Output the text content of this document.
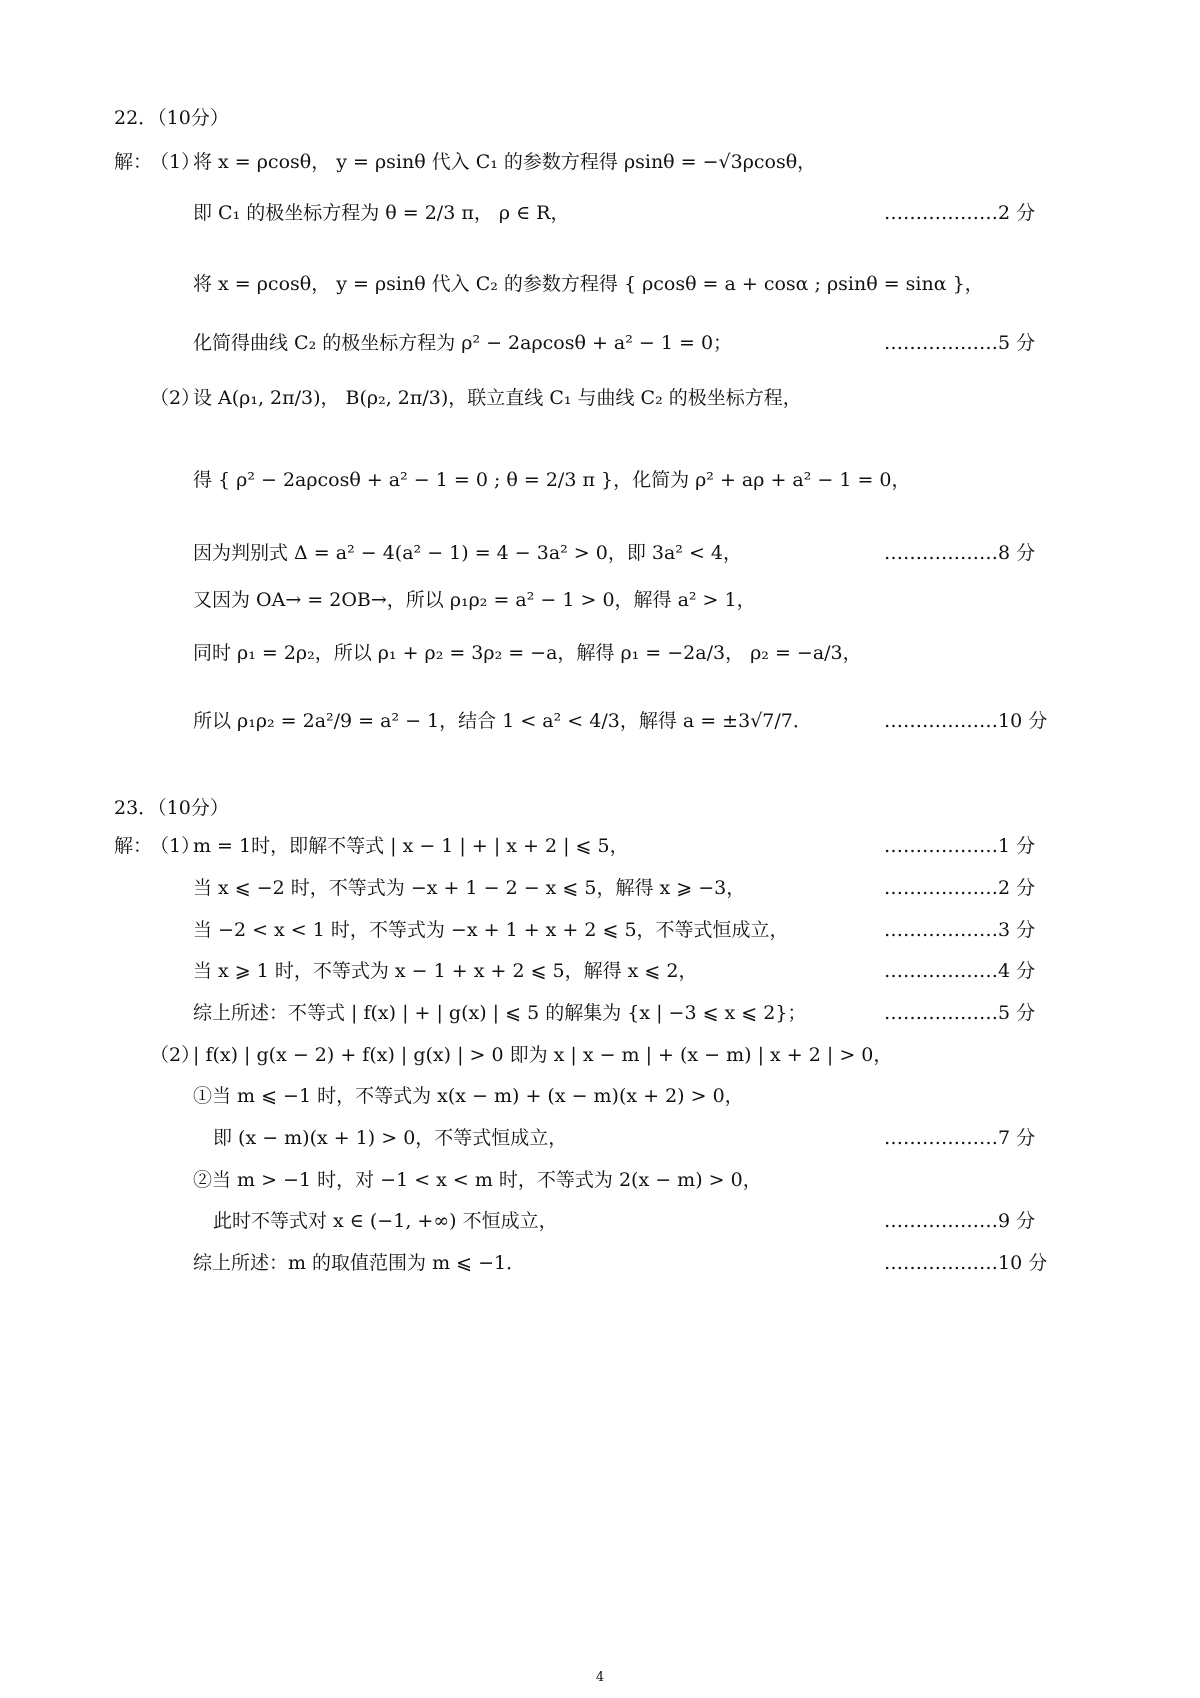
22．（10分）
解：
（1）
将 x = ρcosθ， y = ρsinθ 代入 C₁ 的参数方程得 ρsinθ = −√3ρcosθ，
即 C₁ 的极坐标方程为 θ = 2/3 π， ρ ∈ R，	………………2 分
将 x = ρcosθ， y = ρsinθ 代入 C₂ 的参数方程得 { ρcosθ = a + cosα ; ρsinθ = sinα }，
化简得曲线 C₂ 的极坐标方程为 ρ² − 2aρcosθ + a² − 1 = 0；	………………5 分
（2）
设 A(ρ₁, 2π/3)， B(ρ₂, 2π/3)，联立直线 C₁ 与曲线 C₂ 的极坐标方程，
得 { ρ² − 2aρcosθ + a² − 1 = 0 ; θ = 2/3 π }，化简为 ρ² + aρ + a² − 1 = 0，
因为判别式 Δ = a² − 4(a² − 1) = 4 − 3a² > 0，即 3a² < 4，	………………8 分
又因为 OA→ = 2OB→，所以 ρ₁ρ₂ = a² − 1 > 0，解得 a² > 1，
同时 ρ₁ = 2ρ₂，所以 ρ₁ + ρ₂ = 3ρ₂ = −a，解得 ρ₁ = −2a/3， ρ₂ = −a/3，
所以 ρ₁ρ₂ = 2a²/9 = a² − 1，结合 1 < a² < 4/3，解得 a = ±3√7/7．	………………10 分
23．（10分）
解：
（1）
m = 1时，即解不等式 | x − 1 | + | x + 2 | ⩽ 5，	………………1 分
当 x ⩽ −2 时，不等式为 −x + 1 − 2 − x ⩽ 5，解得 x ⩾ −3，	………………2 分
当 −2 < x < 1 时，不等式为 −x + 1 + x + 2 ⩽ 5，不等式恒成立，	………………3 分
当 x ⩾ 1 时，不等式为 x − 1 + x + 2 ⩽ 5，解得 x ⩽ 2，	………………4 分
综上所述：不等式 | f(x) | + | g(x) | ⩽ 5 的解集为 {x | −3 ⩽ x ⩽ 2}；	………………5 分
（2）
| f(x) | g(x − 2) + f(x) | g(x) | > 0 即为 x | x − m | + (x − m) | x + 2 | > 0，
①当 m ⩽ −1 时，不等式为 x(x − m) + (x − m)(x + 2) > 0，
即 (x − m)(x + 1) > 0，不等式恒成立，	………………7 分
②当 m > −1 时，对 −1 < x < m 时，不等式为 2(x − m) > 0，
此时不等式对 x ∈ (−1, +∞) 不恒成立，	………………9 分
综上所述：m 的取值范围为 m ⩽ −1．	………………10 分
4
